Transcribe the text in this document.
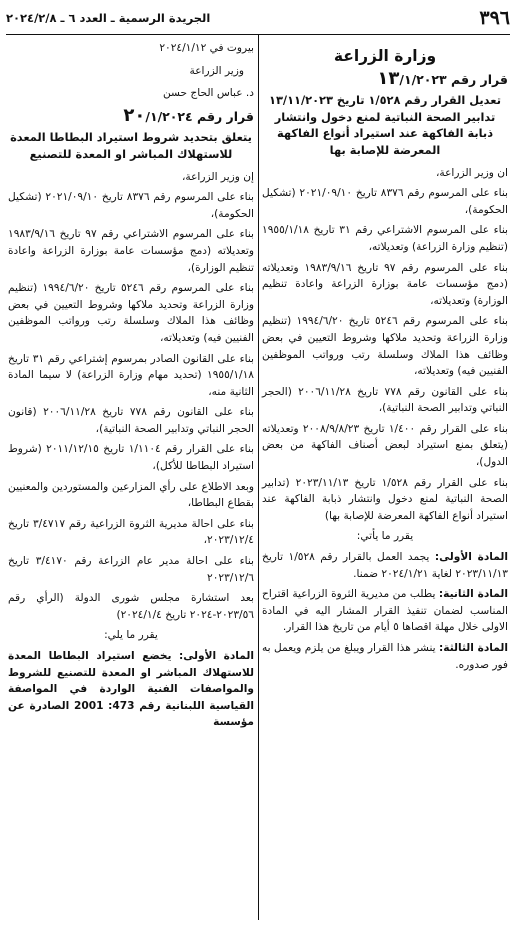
٣٩٦
الجريدة الرسمية ـ العدد ٦ ـ ٢٠٢٤/٢/٨
وزارة الزراعة
قرار رقم ١٣/١/٢٠٢٣
تعديل القرار رقم ١/٥٢٨ تاريخ ١٣/١١/٢٠٢٣ تدابير الصحة النباتية لمنع دخول وانتشار ذبابة الفاكهة عند استيراد أنواع الفاكهة المعرضة للإصابة بها

ان وزير الزراعة،

بناء على المرسوم رقم ٨٣٧٦ تاريخ ٢٠٢١/٠٩/١٠ (تشكيل الحكومة)،

بناء على المرسوم الاشتراعي رقم ٣١ تاريخ ١٩٥٥/١/١٨ (تنظيم وزارة الزراعة) وتعديلاته،

بناء على المرسوم رقم ٩٧ تاريخ ١٩٨٣/٩/١٦ وتعديلاته (دمج مؤسسات عامة بوزارة الزراعة واعادة تنظيم الوزارة) وتعديلاته،

بناء على المرسوم رقم ٥٢٤٦ تاريخ ١٩٩٤/٦/٢٠ (تنظيم وزارة الزراعة وتحديد ملاكها وشروط التعيين في بعض وظائف هذا الملاك وسلسلة رتب ورواتب الموظفين الفنيين فيه) وتعديلاته،

بناء على القانون رقم ٧٧٨ تاريخ ٢٠٠٦/١١/٢٨ (الحجر النباتي وتدابير الصحة النباتية)،

بناء على القرار رقم ١/٤٠٠ تاريخ ٢٠٠٨/٩/٨/٢٣ وتعديلاته (يتعلق بمنع استيراد لبعض أصناف الفاكهة من بعض الدول)،

بناء على القرار رقم ١/٥٢٨ تاريخ ٢٠٢٣/١١/١٣ (تدابير الصحة النباتية لمنع دخول وانتشار ذبابة الفاكهة عند استيراد أنواع الفاكهة المعرضة للإصابة بها)

يقرر ما يأتي:

المادة الأولى: يجمد العمل بالقرار رقم ١/٥٢٨ تاريخ ٢٠٢٣/١١/١٣ لغاية ٢٠٢٤/١/٢١ ضمنا.

المادة الثانية: يطلب من مديرية الثروة الزراعية اقتراح المناسب لضمان تنفيذ القرار المشار اليه في المادة الاولى خلال مهلة اقصاها ٥ أيام من تاريخ هذا القرار.

المادة الثالثة: ينشر هذا القرار ويبلغ من يلزم ويعمل به فور صدوره.

بيروت في ٢٠٢٤/١/١٢

وزير الزراعة

د. عباس الحاج حسن

قرار رقم ٢٠/١/٢٠٢٤
يتعلق بتحديد شروط استيراد البطاطا المعدة للاستهلاك المباشر او المعدة للتصنيع

إن وزير الزراعة،

بناء على المرسوم رقم ٨٣٧٦ تاريخ ٢٠٢١/٠٩/١٠ (تشكيل الحكومة)،

بناء على المرسوم الاشتراعي رقم ٩٧ تاريخ ١٩٨٣/٩/١٦ وتعديلاته (دمج مؤسسات عامة بوزارة الزراعة واعادة تنظيم الوزارة)،

بناء على المرسوم رقم ٥٢٤٦ تاريخ ١٩٩٤/٦/٢٠ (تنظيم وزارة الزراعة وتحديد ملاكها وشروط التعيين في بعض وظائف هذا الملاك وسلسلة رتب ورواتب الموظفين الفنيين فيه) وتعديلاته،

بناء على القانون الصادر بمرسوم إشتراعي رقم ٣١ تاريخ ١٩٥٥/١/١٨ (تحديد مهام وزارة الزراعة) لا سيما المادة الثانية منه،

بناء على القانون رقم ٧٧٨ تاريخ ٢٠٠٦/١١/٢٨ (قانون الحجر النباتي وتدابير الصحة النباتية)،

بناء على القرار رقم ١/١١٠٤ تاريخ ٢٠١١/١٢/١٥ (شروط استيراد البطاطا للأكل)،

وبعد الاطلاع على رأي المزارعين والمستوردين والمعنيين بقطاع البطاطا،

بناء على احالة مديرية الثروة الزراعية رقم ٣/٤٧١٧ تاريخ ٢٠٢٣/١٢/٤،

بناء على احالة مدير عام الزراعة رقم ٣/٤١٧٠ تاريخ ٢٠٢٣/١٢/٦

بعد استشارة مجلس شورى الدولة (الرأي رقم ٢٠٢٣/٥٦-٢٠٢٤ تاريخ ٢٠٢٤/١/٤)

يقرر ما يلي:

المادة الأولى: يخضع استيراد البطاطا المعدة للاستهلاك المباشر او المعدة للتصنيع للشروط والمواصفات الفنية الواردة في المواصفة القياسية اللبنانية رقم 473: 2001 الصادرة عن مؤسسة
